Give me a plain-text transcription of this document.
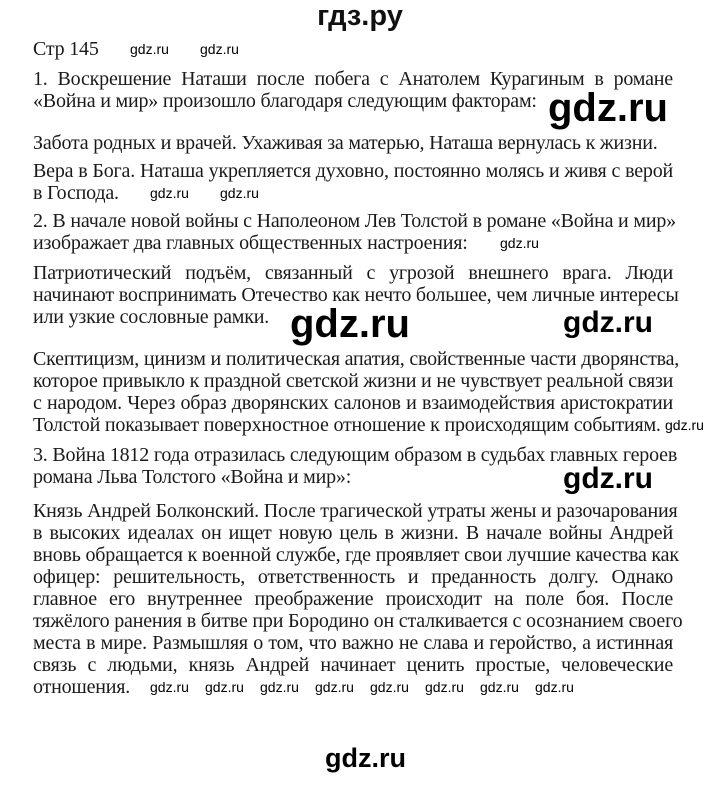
гдз.ру
Стр 145
1. Воскрешение Наташи после побега с Анатолем Курагиным в романе
«Война и мир» произошло благодаря следующим факторам:
Забота родных и врачей. Ухаживая за матерью, Наташа вернулась к жизни.
Вера в Бога. Наташа укрепляется духовно, постоянно молясь и живя с верой
в Господа.
2. В начале новой войны с Наполеоном Лев Толстой в романе «Война и мир»
изображает два главных общественных настроения:
Патриотический подъём, связанный с угрозой внешнего врага. Люди
начинают воспринимать Отечество как нечто большее, чем личные интересы
или узкие сословные рамки.
Скептицизм, цинизм и политическая апатия, свойственные части дворянства,
которое привыкло к праздной светской жизни и не чувствует реальной связи
с народом. Через образ дворянских салонов и взаимодействия аристократии
Толстой показывает поверхностное отношение к происходящим событиям.
3. Война 1812 года отразилась следующим образом в судьбах главных героев
романа Льва Толстого «Война и мир»:
Князь Андрей Болконский. После трагической утраты жены и разочарования
в высоких идеалах он ищет новую цель в жизни. В начале войны Андрей
вновь обращается к военной службе, где проявляет свои лучшие качества как
офицер: решительность, ответственность и преданность долгу. Однако
главное его внутреннее преображение происходит на поле боя. После
тяжёлого ранения в битве при Бородино он сталкивается с осознанием своего
места в мире. Размышляя о том, что важно не слава и геройство, а истинная
связь с людьми, князь Андрей начинает ценить простые, человеческие
отношения.
gdz.ru gdz.ru
gdz.ru
gdz.ru gdz.ru
gdz.ru
gdz.ru	gdz.ru
gdz.ru
gdz.ru
gdz.ru gdz.ru gdz.ru gdz.ru gdz.ru gdz.ru gdz.ru gdz.ru
gdz.ru
